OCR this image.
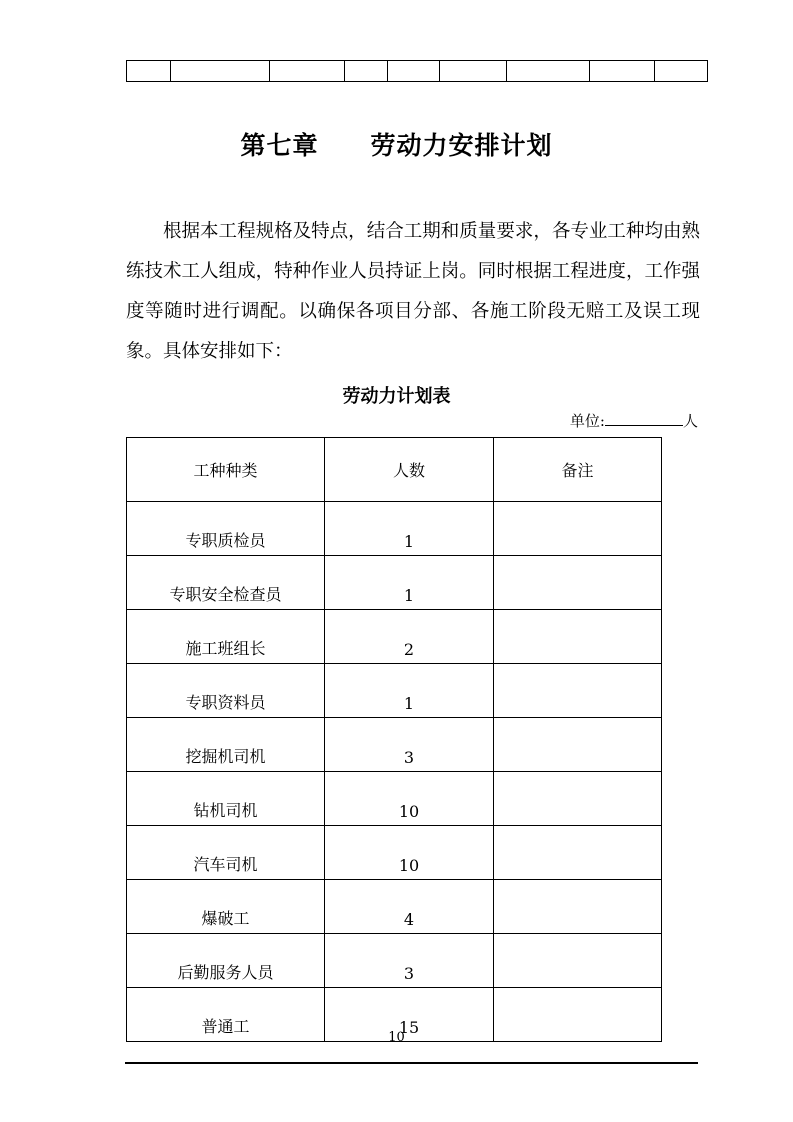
第七章　　劳动力安排计划
根据本工程规格及特点，结合工期和质量要求，各专业工种均由熟练技术工人组成，特种作业人员持证上岗。同时根据工程进度，工作强度等随时进行调配。以确保各项目分部、各施工阶段无赔工及误工现象。具体安排如下：
劳动力计划表
单位:	人
工种种类	人数	备注
专职质检员	1	
专职安全检查员	1	
施工班组长	2	
专职资料员	1	
挖掘机司机	3	
钻机司机	10	
汽车司机	10	
爆破工	4	
后勤服务人员	3	
普通工	15	
10
